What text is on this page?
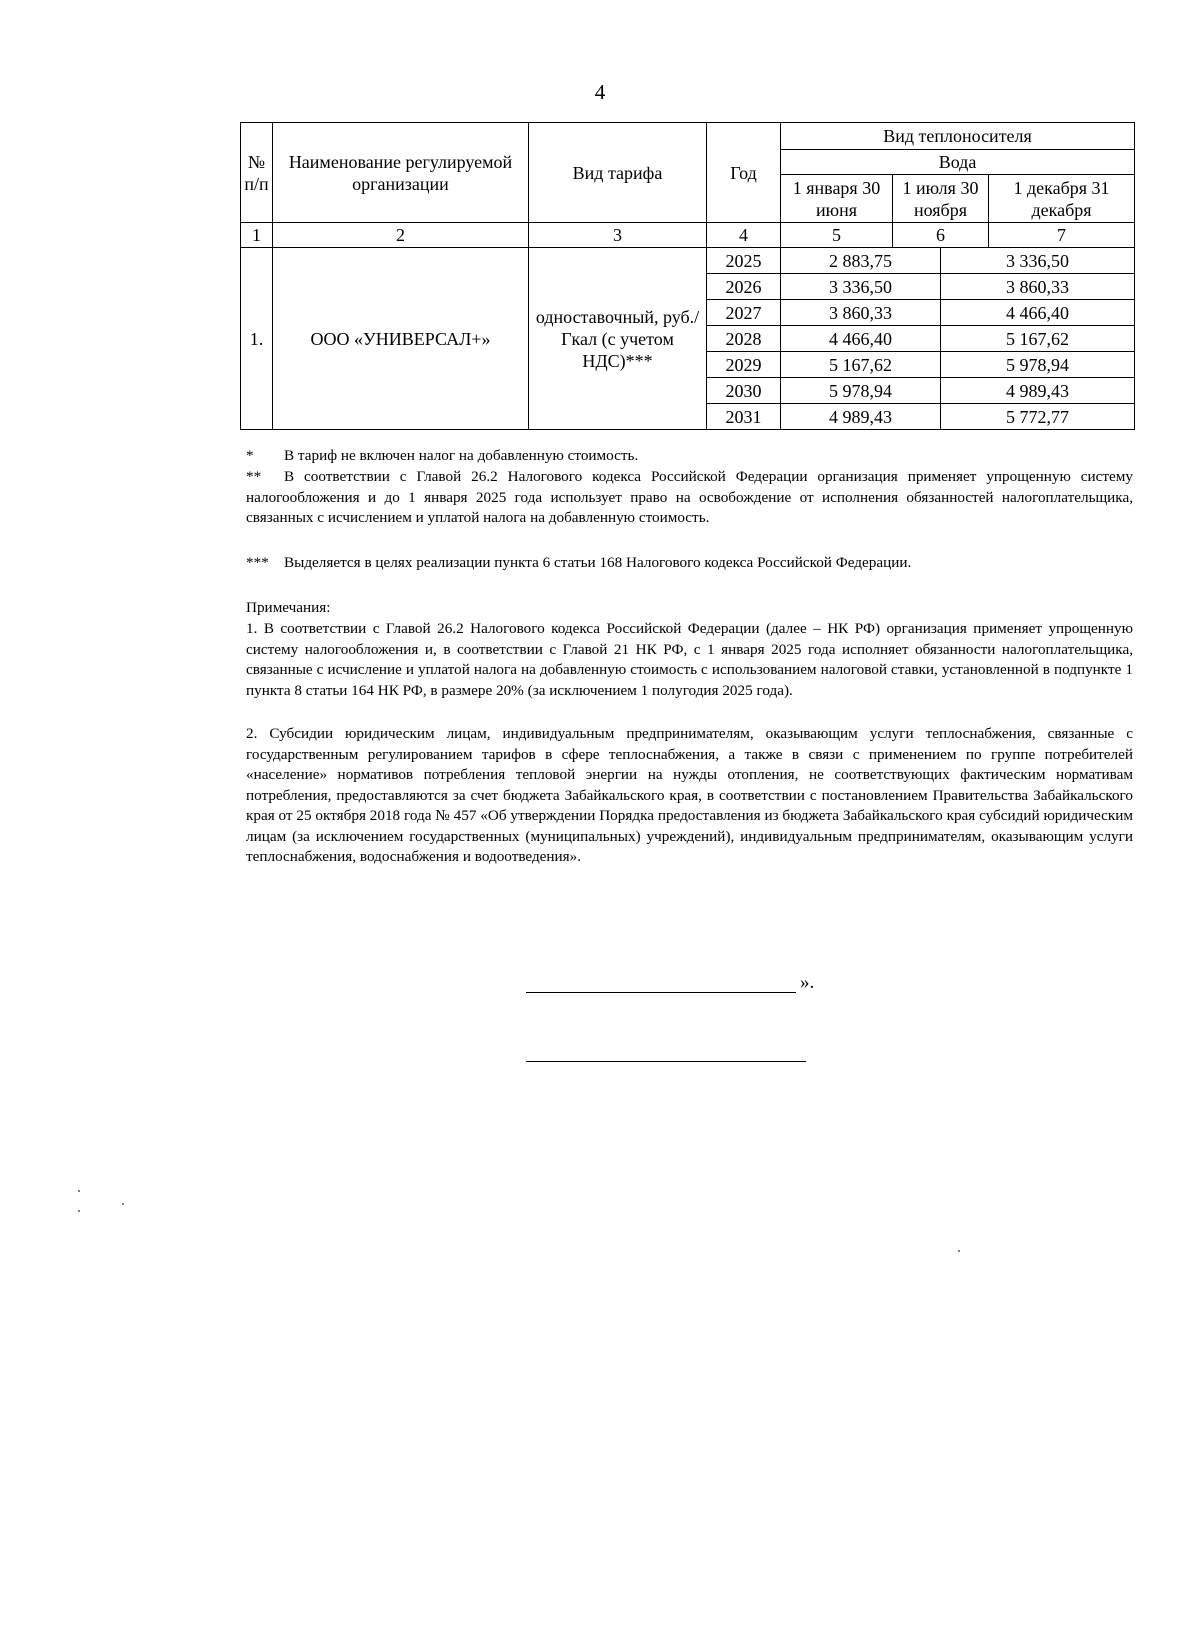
4
№ п/п	Наименование регулируемой организации	Вид тарифа	Год	Вид теплоносителя			
				Вода			
				1 января 30 июня	1 июля 30 ноября		1 декабря 31 декабря
1	2	3	4	5	6		7
1.	ООО «УНИВЕРСАЛ+»	одноставочный, руб./Гкал (с учетом НДС)***	2025	2 883,75		3 336,50	
			2026	3 336,50		3 860,33	
			2027	3 860,33		4 466,40	
			2028	4 466,40		5 167,62	
			2029	5 167,62		5 978,94	
			2030	5 978,94		4 989,43	
			2031	4 989,43		5 772,77	
* В тариф не включен налог на добавленную стоимость.
** В соответствии с Главой 26.2 Налогового кодекса Российской Федерации организация применяет упрощенную систему налогообложения и до 1 января 2025 года использует право на освобождение от исполнения обязанностей налогоплательщика, связанных с исчислением и уплатой налога на добавленную стоимость.
*** Выделяется в целях реализации пункта 6 статьи 168 Налогового кодекса Российской Федерации.
Примечания:
1. В соответствии с Главой 26.2 Налогового кодекса Российской Федерации (далее – НК РФ) организация применяет упрощенную систему налогообложения и, в соответствии с Главой 21 НК РФ, с 1 января 2025 года исполняет обязанности налогоплательщика, связанные с исчисление и уплатой налога на добавленную стоимость с использованием налоговой ставки, установленной в подпункте 1 пункта 8 статьи 164 НК РФ, в размере 20% (за исключением 1 полугодия 2025 года).
2. Субсидии юридическим лицам, индивидуальным предпринимателям, оказывающим услуги теплоснабжения, связанные с государственным регулированием тарифов в сфере теплоснабжения, а также в связи с применением по группе потребителей «население» нормативов потребления тепловой энергии на нужды отопления, не соответствующих фактическим нормативам потребления, предоставляются за счет бюджета Забайкальского края, в соответствии с постановлением Правительства Забайкальского края от 25 октября 2018 года № 457 «Об утверждении Порядка предоставления из бюджета Забайкальского края субсидий юридическим лицам (за исключением государственных (муниципальных) учреждений), индивидуальным предпринимателям, оказывающим услуги теплоснабжения, водоснабжения и водоотведения».
».
